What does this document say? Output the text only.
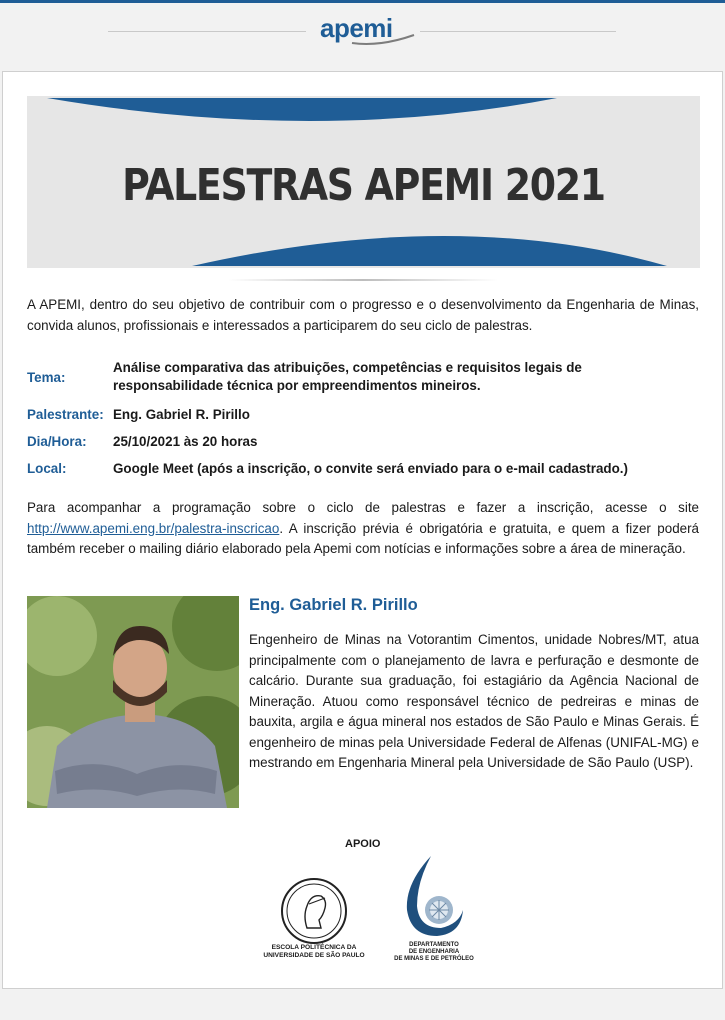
apemi
PALESTRAS APEMI 2021

A APEMI, dentro do seu objetivo de contribuir com o progresso e o desenvolvimento da Engenharia de Minas, convida alunos, profissionais e interessados a participarem do seu ciclo de palestras.

Tema:
Análise comparativa das atribuições, competências e requisitos legais de
responsabilidade técnica por empreendimentos mineiros.
Palestrante: Eng. Gabriel R. Pirillo
Dia/Hora: 25/10/2021 às 20 horas
Local:	Google Meet (após a inscrição, o convite será enviado para o e-mail cadastrado.)

Para acompanhar a programação sobre o ciclo de palestras e fazer a inscrição, acesse o site http://www.apemi.eng.br/palestra-inscricao. A inscrição prévia é obrigatória e gratuita, e quem a fizer poderá também receber o mailing diário elaborado pela Apemi com notícias e informações sobre a área de mineração.

Eng. Gabriel R. Pirillo

Engenheiro de Minas na Votorantim Cimentos, unidade Nobres/MT, atua principalmente com o planejamento de lavra e perfuração e desmonte de calcário. Durante sua graduação, foi estagiário da Agência Nacional de Mineração. Atuou como responsável técnico de pedreiras e minas de bauxita, argila e água mineral nos estados de São Paulo e Minas Gerais. É engenheiro de minas pela Universidade Federal de Alfenas (UNIFAL-MG) e mestrando em Engenharia Mineral pela Universidade de São Paulo (USP).

APOIO
ESCOLA POLITÉCNICA DA
UNIVERSIDADE DE SÃO PAULO
DEPARTAMENTO
DE ENGENHARIA
DE MINAS E DE PETRÓLEO
